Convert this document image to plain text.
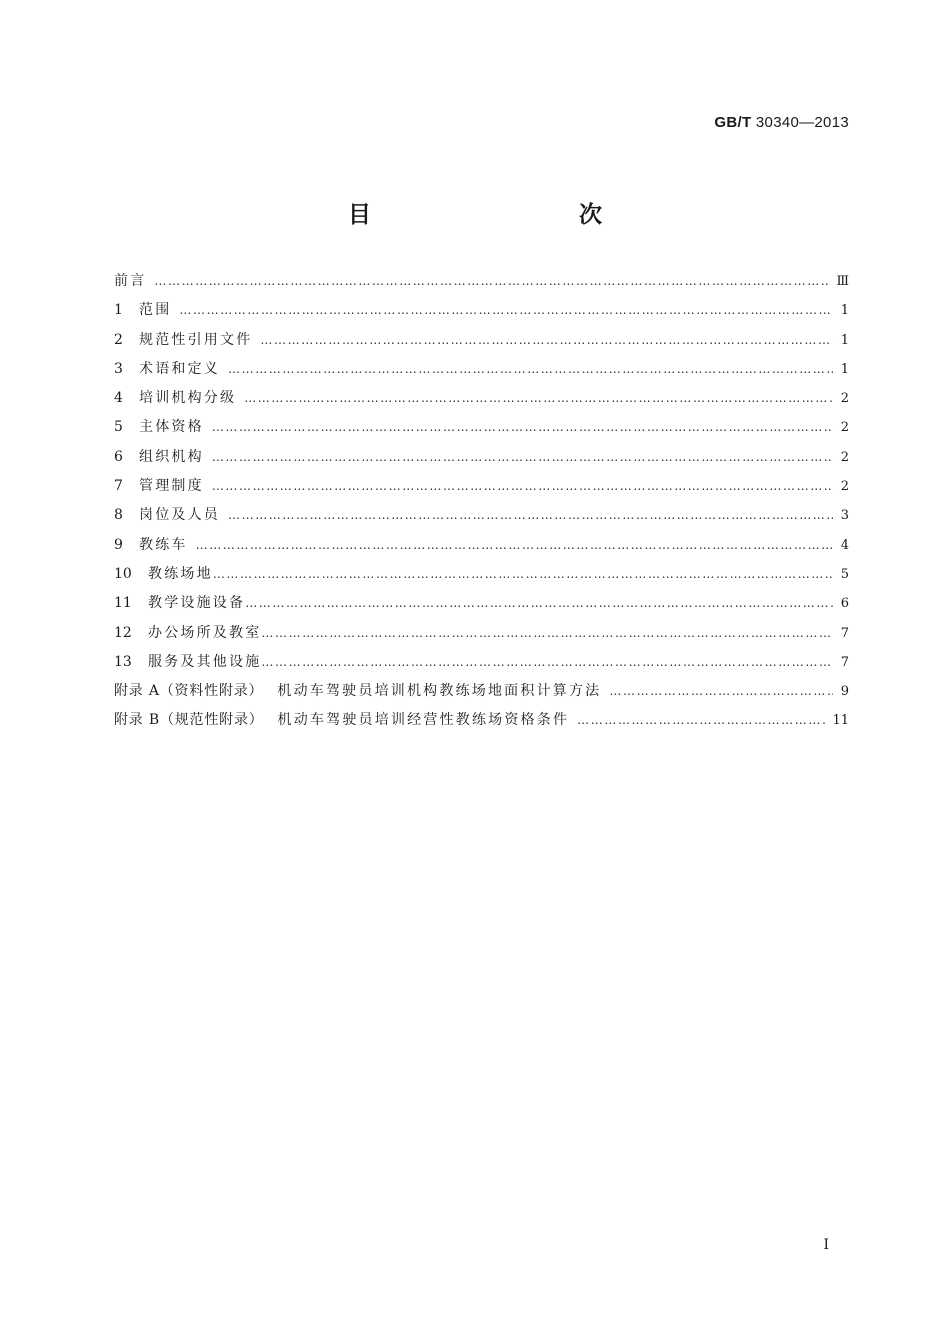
GB/T 30340—2013
目　　次
前言 ……………………………………………………………………………………………………………………………………………………………………	Ⅲ
1	范围 ……………………………………………………………………………………………………………………………………………………………………	1
2	规范性引用文件 ……………………………………………………………………………………………………………………………………………………………………	1
3	术语和定义 ……………………………………………………………………………………………………………………………………………………………………	1
4	培训机构分级 ……………………………………………………………………………………………………………………………………………………………………	2
5	主体资格 ……………………………………………………………………………………………………………………………………………………………………	2
6	组织机构 ……………………………………………………………………………………………………………………………………………………………………	2
7	管理制度 ……………………………………………………………………………………………………………………………………………………………………	2
8	岗位及人员 ……………………………………………………………………………………………………………………………………………………………………	3
9	教练车 ……………………………………………………………………………………………………………………………………………………………………	4
10	教练场地 ……………………………………………………………………………………………………………………………………………………………………	5
11	教学设施设备 ……………………………………………………………………………………………………………………………………………………………………	6
12	办公场所及教室 ……………………………………………………………………………………………………………………………………………………………………	7
13	服务及其他设施 ……………………………………………………………………………………………………………………………………………………………………	7
附录 A（资料性附录） 机动车驾驶员培训机构教练场地面积计算方法 ……………………………………………………………………………………………………………………………………………………………………	9
附录 B（规范性附录） 机动车驾驶员培训经营性教练场资格条件 ……………………………………………………………………………………………………………………………………………………………………	11
Ⅰ
